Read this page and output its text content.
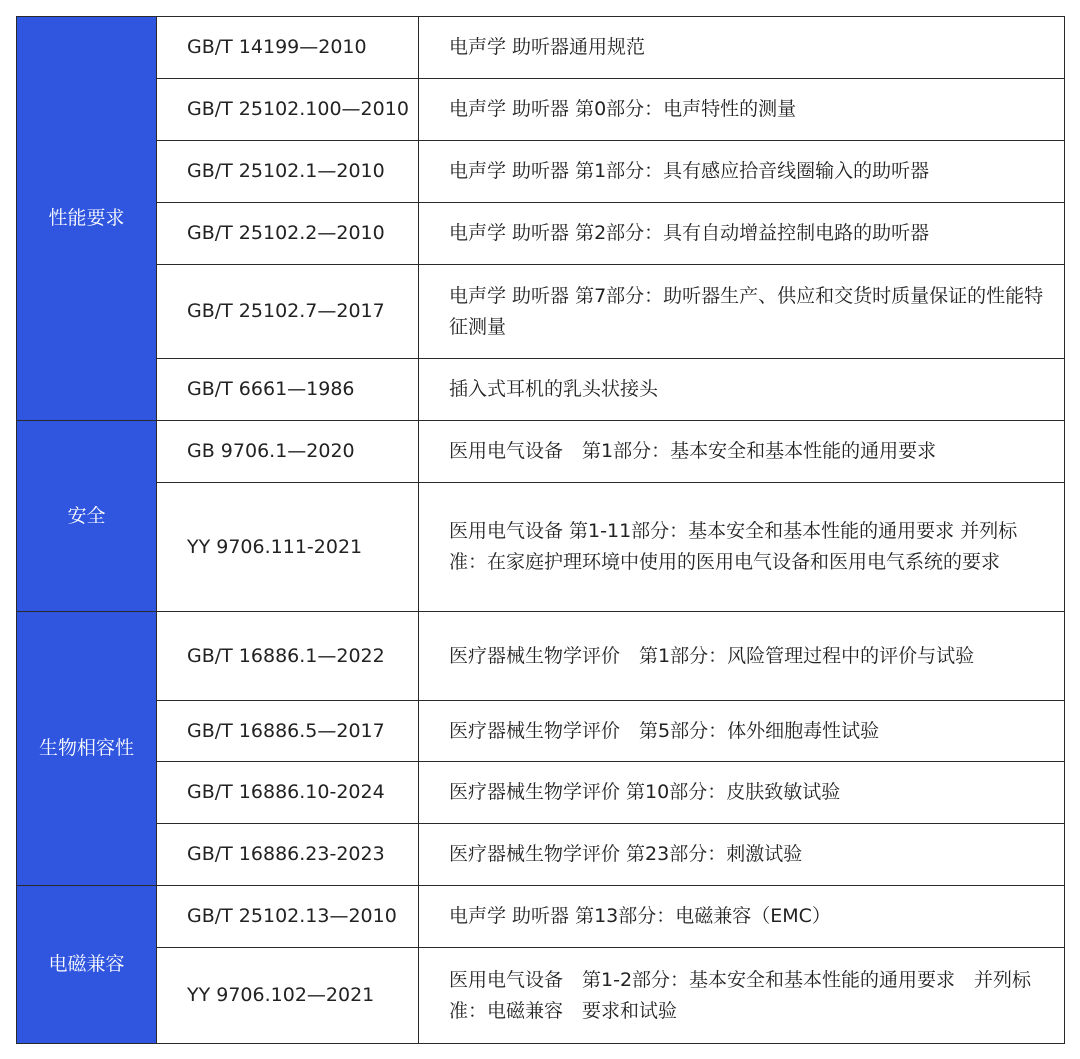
性能要求	GB/T 14199—2010	电声学 助听器通用规范
	GB/T 25102.100—2010	电声学 助听器 第0部分：电声特性的测量
	GB/T 25102.1—2010	电声学 助听器 第1部分：具有感应拾音线圈输入的助听器
	GB/T 25102.2—2010	电声学 助听器 第2部分：具有自动增益控制电路的助听器
	GB/T 25102.7—2017	电声学 助听器 第7部分：助听器生产、供应和交货时质量保证的性能特征测量
	GB/T 6661—1986	插入式耳机的乳头状接头
安全	GB 9706.1—2020	医用电气设备　第1部分：基本安全和基本性能的通用要求
	YY 9706.111-2021	医用电气设备 第1-11部分：基本安全和基本性能的通用要求 并列标准：在家庭护理环境中使用的医用电气设备和医用电气系统的要求
生物相容性	GB/T 16886.1—2022	医疗器械生物学评价　第1部分：风险管理过程中的评价与试验
	GB/T 16886.5—2017	医疗器械生物学评价　第5部分：体外细胞毒性试验
	GB/T 16886.10-2024	医疗器械生物学评价 第10部分：皮肤致敏试验
	GB/T 16886.23-2023	医疗器械生物学评价 第23部分：刺激试验
电磁兼容	GB/T 25102.13—2010	电声学 助听器 第13部分：电磁兼容（EMC）
	YY 9706.102—2021	医用电气设备　第1-2部分：基本安全和基本性能的通用要求　并列标准：电磁兼容　要求和试验
